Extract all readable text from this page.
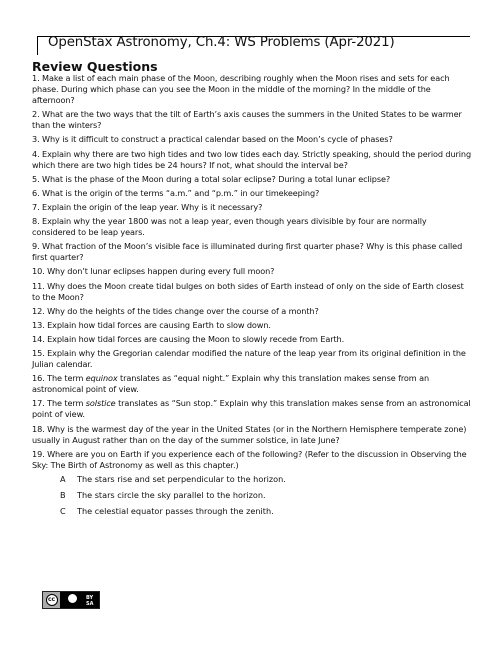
OpenStax Astronomy, Ch.4: WS Problems (Apr-2021)
Review Questions

1. Make a list of each main phase of the Moon, describing roughly when the Moon rises and sets for each phase. During which phase can you see the Moon in the middle of the morning? In the middle of the afternoon?

2. What are the two ways that the tilt of Earth’s axis causes the summers in the United States to be warmer than the winters?

3. Why is it difficult to construct a practical calendar based on the Moon’s cycle of phases?

4. Explain why there are two high tides and two low tides each day. Strictly speaking, should the period during which there are two high tides be 24 hours? If not, what should the interval be?

5. What is the phase of the Moon during a total solar eclipse? During a total lunar eclipse?

6. What is the origin of the terms “a.m.” and “p.m.” in our timekeeping?

7. Explain the origin of the leap year. Why is it necessary?

8. Explain why the year 1800 was not a leap year, even though years divisible by four are normally considered to be leap years.

9. What fraction of the Moon’s visible face is illuminated during first quarter phase? Why is this phase called first quarter?

10. Why don’t lunar eclipses happen during every full moon?

11. Why does the Moon create tidal bulges on both sides of Earth instead of only on the side of Earth closest to the Moon?

12. Why do the heights of the tides change over the course of a month?

13. Explain how tidal forces are causing Earth to slow down.

14. Explain how tidal forces are causing the Moon to slowly recede from Earth.

15. Explain why the Gregorian calendar modified the nature of the leap year from its original definition in the Julian calendar.

16. The term equinox translates as “equal night.” Explain why this translation makes sense from an astronomical point of view.

17. The term solstice translates as “Sun stop.” Explain why this translation makes sense from an astronomical point of view.

18. Why is the warmest day of the year in the United States (or in the Northern Hemisphere temperate zone) usually in August rather than on the day of the summer solstice, in late June?

19. Where are you on Earth if you experience each of the following? (Refer to the discussion in Observing the Sky: The Birth of Astronomy as well as this chapter.)

A The stars rise and set perpendicular to the horizon.
B The stars circle the sky parallel to the horizon.
C The celestial equator passes through the zenith.
cc	BY SA
